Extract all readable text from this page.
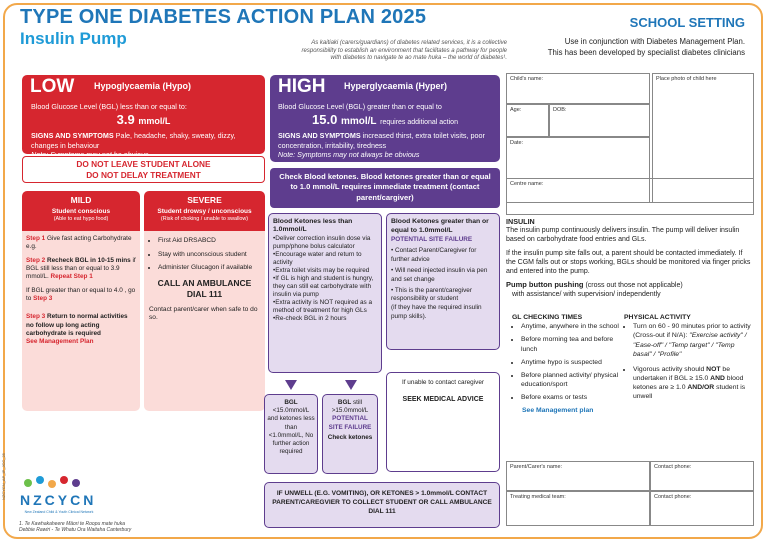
TYPE ONE DIABETES ACTION PLAN 2025
Insulin Pump	As kaitiaki (carers/guardians) of diabetes related services, it is a collective responsibility to establish an environment that facilitates a pathway for people with diabetes to navigate te ao mate huka – the world of diabetes¹.
SCHOOL SETTING
Use in conjunction with Diabetes Management Plan.
This has been developed by specialist diabetes clinicians
LOW Hypoglycaemia (Hypo)
Blood Glucose Level (BGL) less than or equal to:
3.9 mmol/L
SIGNS AND SYMPTOMS Pale, headache, shaky, sweaty, dizzy, changes in behaviour
Note: Symptoms may not be obvious
DO NOT LEAVE STUDENT ALONE
DO NOT DELAY TREATMENT
MILD
Student conscious
(Able to eat hypo food)

Step 1 Give fast acting Carbohydrate
e.g.

Step 2 Recheck BGL in 10-15 mins if BGL still less than or equal to 3.9 mmol/L. Repeat Step 1

If BGL greater than or equal to 4.0 , go to Step 3

Step 3 Return to normal activities no follow up long acting carbohydrate is required
See Management Plan

SEVERE
Student drowsy / unconscious
(Risk of choking / unable to swallow)
• First Aid DRSABCD
• Stay with unconscious student
• Administer Glucagon if available
CALL AN AMBULANCE
DIAL 111
Contact parent/carer when safe to do so.
HIGH Hyperglycaemia (Hyper)
Blood Glucose Level (BGL) greater than or equal to
15.0 mmol/L requires additional action
SIGNS AND SYMPTOMS increased thirst, extra toilet visits, poor concentration, irritability, tiredness
Note: Symptoms may not always be obvious
Check Blood ketones. Blood ketones greater than or equal to 1.0 mmol/L requires immediate treatment (contact parent/cargiver)
Blood Ketones less than 1.0mmol/L
•Deliver correction insulin dose via pump/phone bolus calculator
•Encourage water and return to activity
•Extra toilet visits may be required
•If GL is high and student is hungry, they can still eat carbohydrate with insulin via pump
•Extra activity is NOT required as a method of treatment for high GLs
•Re-check BGL in 2 hours
Blood Ketones greater than or equal to 1.0mmol/L
POTENTIAL SITE FAILURE
• Contact Parent/Caregiver for further advice
• Will need injected insulin via pen and set change
• This is the parent/caregiver responsibility or student
(if they have the required insulin pump skills).
BGL
<15.0mmol/L and ketones less than <1.0mmol/L, No further action required
BGL still
>15.0mmol/L
POTENTIAL SITE FAILURE
Check ketones
If unable to contact caregiver
SEEK MEDICAL ADVICE
IF UNWELL (E.G. VOMITING), OR KETONES > 1.0mmol/L CONTACT PARENT/CAREGVIER TO COLLECT STUDENT OR CALL AMBULANCE DIAL 111
Child's name:	Place photo of child here
Age:	DOB:
Date:
Centre name:
INSULIN

The insulin pump continuously delivers insulin. The pump will deliver insulin based on carbohydrate food entries and GLs.

If the insulin pump site falls out, a parent should be contacted immediately. If the CGM falls out or stops working, BGLs should be monitored via finger pricks and entered into the pump.

Pump button pushing (cross out those not applicable)
with assistance/ with supervision/ independently
GL CHECKING TIMES
• Anytime, anywhere in the school
• Before morning tea and before lunch
• Anytime hypo is suspected
• Before planned activity/ physical education/sport
• Before exams or tests
See Management plan
PHYSICAL ACTIVITY
• Turn on 60 - 90 minutes prior to activity (Cross-out if N/A): "Exercise activity" / "Ease-off" / "Temp target" / "Temp basal" / "Profile"
• Vigorous activity should NOT be undertaken if BGL ≥ 15.0 AND blood ketones are ≥ 1.0 AND/OR student is unwell
Parent/Carer's name:	Contact phone:
Treating medical team:	Contact phone:
NZCYCN
New Zealand Child & Youth Clinical Network
1. Te Kawhakaheere Māori te Roopu mate huka
Debbie Rawiri - Te Whatu Ora Waitaha Canterbury
NZCYCN_AP_IP_JCC_25
